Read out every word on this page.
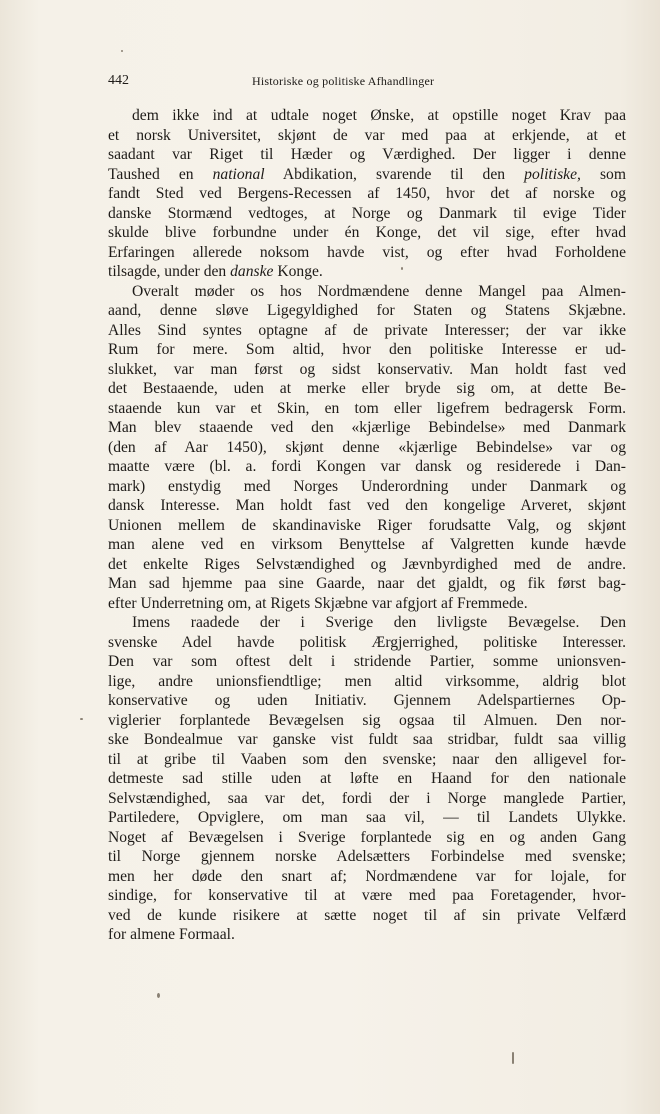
442	Historiske og politiske Afhandlinger
dem ikke ind at udtale noget Ønske, at opstille noget Krav paa
et norsk Universitet, skjønt de var med paa at erkjende, at et
saadant var Riget til Hæder og Værdighed. Der ligger i denne
Taushed en national Abdikation, svarende til den politiske, som
fandt Sted ved Bergens-Recessen af 1450, hvor det af norske og
danske Stormænd vedtoges, at Norge og Danmark til evige Tider
skulde blive forbundne under én Konge, det vil sige, efter hvad
Erfaringen allerede noksom havde vist, og efter hvad Forholdene
tilsagde, under den danske Konge.
Overalt møder os hos Nordmændene denne Mangel paa Almen-
aand, denne sløve Ligegyldighed for Staten og Statens Skjæbne.
Alles Sind syntes optagne af de private Interesser; der var ikke
Rum for mere. Som altid, hvor den politiske Interesse er ud-
slukket, var man først og sidst konservativ. Man holdt fast ved
det Bestaaende, uden at merke eller bryde sig om, at dette Be-
staaende kun var et Skin, en tom eller ligefrem bedragersk Form.
Man blev staaende ved den «kjærlige Bebindelse» med Danmark
(den af Aar 1450), skjønt denne «kjærlige Bebindelse» var og
maatte være (bl. a. fordi Kongen var dansk og residerede i Dan-
mark) enstydig med Norges Underordning under Danmark og
dansk Interesse. Man holdt fast ved den kongelige Arveret, skjønt
Unionen mellem de skandinaviske Riger forudsatte Valg, og skjønt
man alene ved en virksom Benyttelse af Valgretten kunde hævde
det enkelte Riges Selvstændighed og Jævnbyrdighed med de andre.
Man sad hjemme paa sine Gaarde, naar det gjaldt, og fik først bag-
efter Underretning om, at Rigets Skjæbne var afgjort af Fremmede.
Imens raadede der i Sverige den livligste Bevægelse. Den
svenske Adel havde politisk Ærgjerrighed, politiske Interesser.
Den var som oftest delt i stridende Partier, somme unionsven-
lige, andre unionsfiendtlige; men altid virksomme, aldrig blot
konservative og uden Initiativ. Gjennem Adelspartiernes Op-
viglerier forplantede Bevægelsen sig ogsaa til Almuen. Den nor-
ske Bondealmue var ganske vist fuldt saa stridbar, fuldt saa villig
til at gribe til Vaaben som den svenske; naar den alligevel for-
detmeste sad stille uden at løfte en Haand for den nationale
Selvstændighed, saa var det, fordi der i Norge manglede Partier,
Partiledere, Opviglere, om man saa vil, — til Landets Ulykke.
Noget af Bevægelsen i Sverige forplantede sig en og anden Gang
til Norge gjennem norske Adelsætters Forbindelse med svenske;
men her døde den snart af; Nordmændene var for lojale, for
sindige, for konservative til at være med paa Foretagender, hvor-
ved de kunde risikere at sætte noget til af sin private Velfærd
for almene Formaal.
